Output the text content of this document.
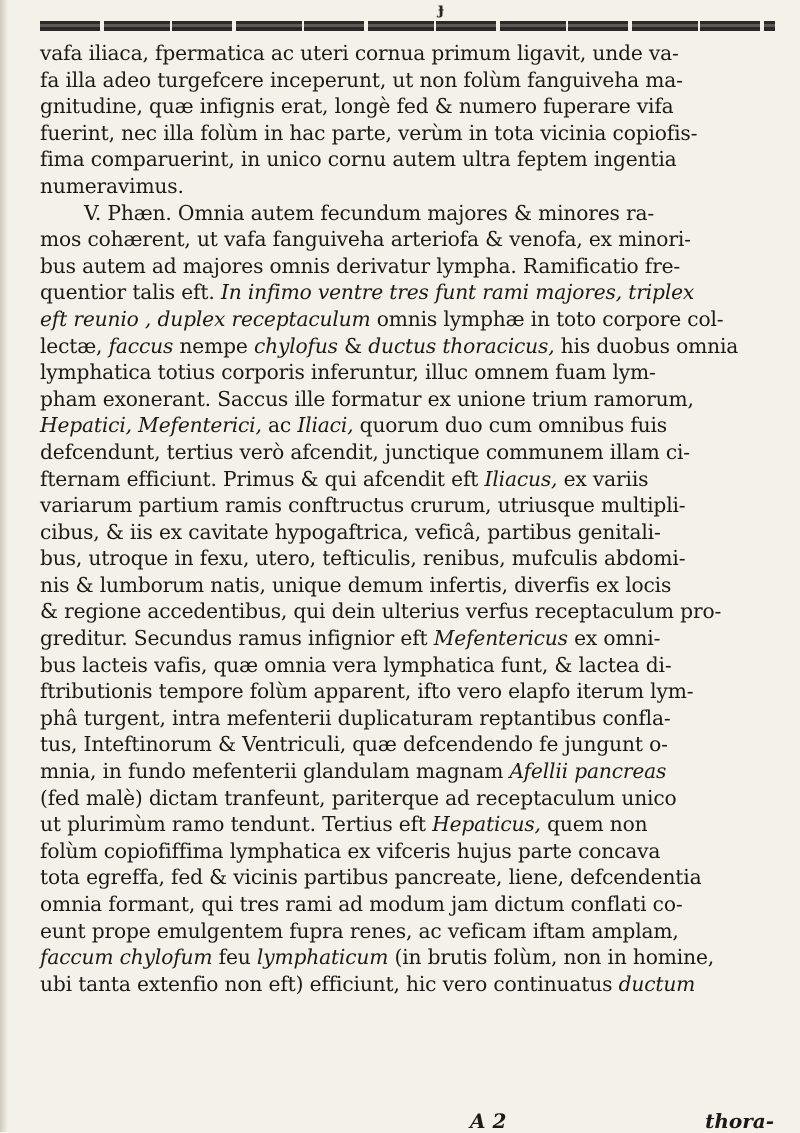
ɟ
vafa iliaca, fpermatica ac uteri cornua primum ligavit, unde va-
fa illa adeo turgefcere inceperunt, ut non folùm fanguiveha ma-
gnitudine, quæ infignis erat, longè fed & numero fuperare vifa
fuerint, nec illa folùm in hac parte, verùm in tota vicinia copiofis-
fima comparuerint, in unico cornu autem ultra feptem ingentia
numeravimus.
V. Phæn. Omnia autem fecundum majores & minores ra-
mos cohærent, ut vafa fanguiveha arteriofa & venofa, ex minori-
bus autem ad majores omnis derivatur lympha. Ramificatio fre-
quentior talis eft. In infimo ventre tres funt rami majores, triplex
eft reunio , duplex receptaculum omnis lymphæ in toto corpore col-
lectæ, faccus nempe chylofus & ductus thoracicus, his duobus omnia
lymphatica totius corporis inferuntur, illuc omnem fuam lym-
pham exonerant. Saccus ille formatur ex unione trium ramorum,
Hepatici, Mefenterici, ac Iliaci, quorum duo cum omnibus fuis
defcendunt, tertius verò afcendit, junctique communem illam ci-
fternam efficiunt. Primus & qui afcendit eft Iliacus, ex variis
variarum partium ramis conftructus crurum, utriusque multipli-
cibus, & iis ex cavitate hypogaftrica, veficâ, partibus genitali-
bus, utroque in fexu, utero, tefticulis, renibus, mufculis abdomi-
nis & lumborum natis, unique demum infertis, diverfis ex locis
& regione accedentibus, qui dein ulterius verfus receptaculum pro-
greditur. Secundus ramus infignior eft Mefentericus ex omni-
bus lacteis vafis, quæ omnia vera lymphatica funt, & lactea di-
ftributionis tempore folùm apparent, ifto vero elapfo iterum lym-
phâ turgent, intra mefenterii duplicaturam reptantibus confla-
tus, Inteftinorum & Ventriculi, quæ defcendendo fe jungunt o-
mnia, in fundo mefenterii glandulam magnam Afellii pancreas
(fed malè) dictam tranfeunt, pariterque ad receptaculum unico
ut plurimùm ramo tendunt. Tertius eft Hepaticus, quem non
folùm copiofiffima lymphatica ex vifceris hujus parte concava
tota egreffa, fed & vicinis partibus pancreate, liene, defcendentia
omnia formant, qui tres rami ad modum jam dictum conflati co-
eunt prope emulgentem fupra renes, ac veficam iftam amplam,
faccum chylofum feu lymphaticum (in brutis folùm, non in homine,
ubi tanta extenfio non eft) efficiunt, hic vero continuatus ductum
A 2	thora-
